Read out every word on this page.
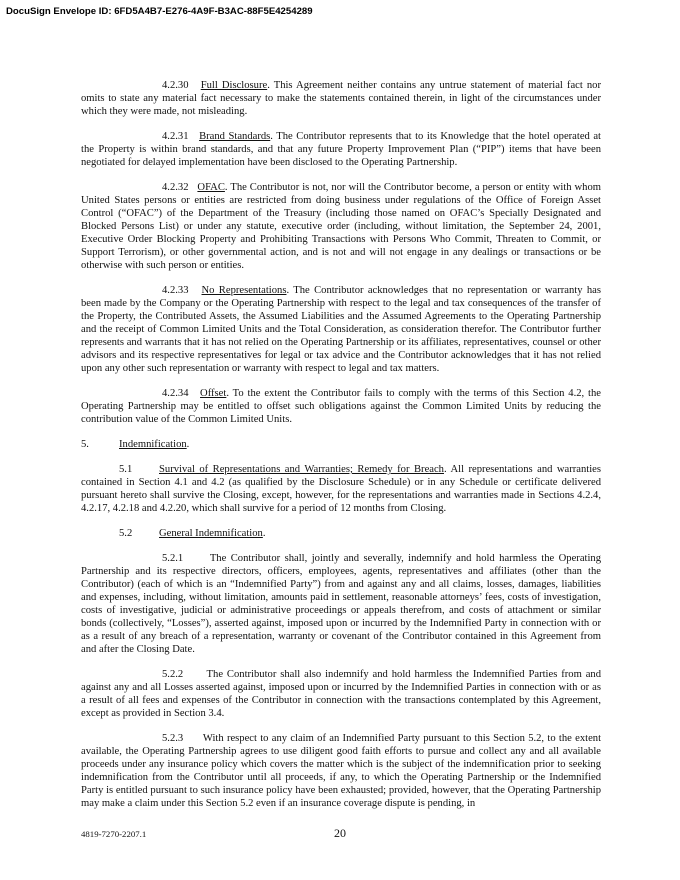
DocuSign Envelope ID: 6FD5A4B7-E276-4A9F-B3AC-88F5E4254289

4.2.30 Full Disclosure. This Agreement neither contains any untrue statement of material fact nor omits to state any material fact necessary to make the statements contained therein, in light of the circumstances under which they were made, not misleading.

4.2.31 Brand Standards. The Contributor represents that to its Knowledge that the hotel operated at the Property is within brand standards, and that any future Property Improvement Plan (“PIP”) items that have been negotiated for delayed implementation have been disclosed to the Operating Partnership.

4.2.32 OFAC. The Contributor is not, nor will the Contributor become, a person or entity with whom United States persons or entities are restricted from doing business under regulations of the Office of Foreign Asset Control (“OFAC”) of the Department of the Treasury (including those named on OFAC’s Specially Designated and Blocked Persons List) or under any statute, executive order (including, without limitation, the September 24, 2001, Executive Order Blocking Property and Prohibiting Transactions with Persons Who Commit, Threaten to Commit, or Support Terrorism), or other governmental action, and is not and will not engage in any dealings or transactions or be otherwise with such person or entities.

4.2.33 No Representations. The Contributor acknowledges that no representation or warranty has been made by the Company or the Operating Partnership with respect to the legal and tax consequences of the transfer of the Property, the Contributed Assets, the Assumed Liabilities and the Assumed Agreements to the Operating Partnership and the receipt of Common Limited Units and the Total Consideration, as consideration therefor. The Contributor further represents and warrants that it has not relied on the Operating Partnership or its affiliates, representatives, counsel or other advisors and its respective representatives for legal or tax advice and the Contributor acknowledges that it has not relied upon any other such representation or warranty with respect to legal and tax matters.

4.2.34 Offset. To the extent the Contributor fails to comply with the terms of this Section 4.2, the Operating Partnership may be entitled to offset such obligations against the Common Limited Units by reducing the contribution value of the Common Limited Units.

5.	Indemnification.

5.1	Survival of Representations and Warranties; Remedy for Breach. All representations and warranties contained in Section 4.1 and 4.2 (as qualified by the Disclosure Schedule) or in any Schedule or certificate delivered pursuant hereto shall survive the Closing, except, however, for the representations and warranties made in Sections 4.2.4, 4.2.17, 4.2.18 and 4.2.20, which shall survive for a period of 12 months from Closing.

5.2	General Indemnification.

5.2.1	The Contributor shall, jointly and severally, indemnify and hold harmless the Operating Partnership and its respective directors, officers, employees, agents, representatives and affiliates (other than the Contributor) (each of which is an “Indemnified Party”) from and against any and all claims, losses, damages, liabilities and expenses, including, without limitation, amounts paid in settlement, reasonable attorneys’ fees, costs of investigation, costs of investigative, judicial or administrative proceedings or appeals therefrom, and costs of attachment or similar bonds (collectively, “Losses”), asserted against, imposed upon or incurred by the Indemnified Party in connection with or as a result of any breach of a representation, warranty or covenant of the Contributor contained in this Agreement from and after the Closing Date.

5.2.2 The Contributor shall also indemnify and hold harmless the Indemnified Parties from and against any and all Losses asserted against, imposed upon or incurred by the Indemnified Parties in connection with or as a result of all fees and expenses of the Contributor in connection with the transactions contemplated by this Agreement, except as provided in Section 3.4.

5.2.3 With respect to any claim of an Indemnified Party pursuant to this Section 5.2, to the extent available, the Operating Partnership agrees to use diligent good faith efforts to pursue and collect any and all available proceeds under any insurance policy which covers the matter which is the subject of the indemnification prior to seeking indemnification from the Contributor until all proceeds, if any, to which the Operating Partnership or the Indemnified Party is entitled pursuant to such insurance policy have been exhausted; provided, however, that the Operating Partnership may make a claim under this Section 5.2 even if an insurance coverage dispute is pending, in

4819-7270-2207.1	20
